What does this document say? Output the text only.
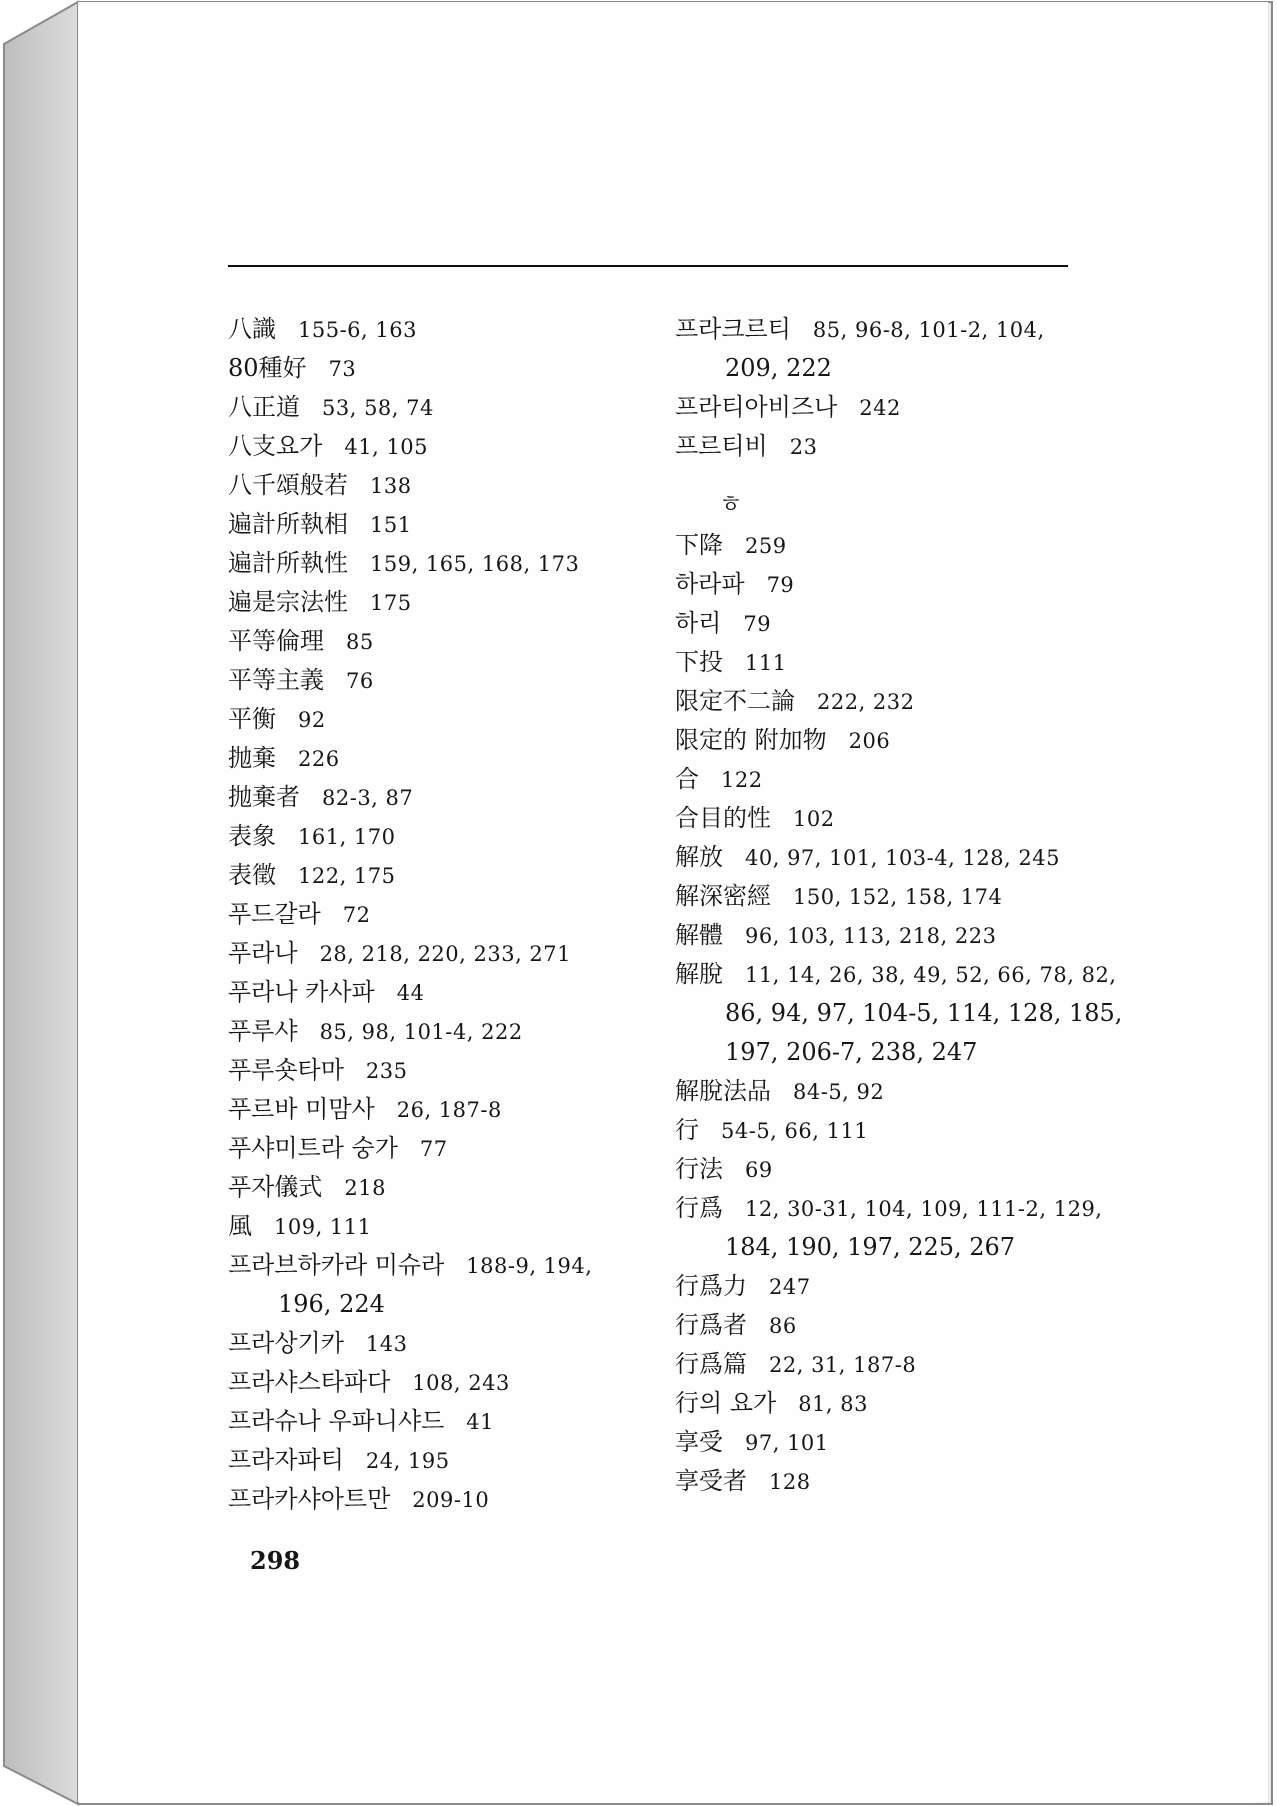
八識 155-6, 163
80種好 73
八正道 53, 58, 74
八支요가 41, 105
八千頌般若 138
遍計所執相 151
遍計所執性 159, 165, 168, 173
遍是宗法性 175
平等倫理 85
平等主義 76
平衡 92
抛棄 226
抛棄者 82-3, 87
表象 161, 170
表徵 122, 175
푸드갈라 72
푸라나 28, 218, 220, 233, 271
푸라나 카사파 44
푸루샤 85, 98, 101-4, 222
푸루숏타마 235
푸르바 미맘사 26, 187-8
푸샤미트라 숭가 77
푸자儀式 218
風 109, 111
프라브하카라 미슈라 188-9, 194,
196, 224
프라상기카 143
프라샤스타파다 108, 243
프라슈나 우파니샤드 41
프라자파티 24, 195
프라카샤아트만 209-10
프라크르티 85, 96-8, 101-2, 104,
209, 222
프라티아비즈나 242
프르티비 23
ㅎ
下降 259
하라파 79
하리 79
下投 111
限定不二論 222, 232
限定的 附加物 206
合 122
合目的性 102
解放 40, 97, 101, 103-4, 128, 245
解深密經 150, 152, 158, 174
解體 96, 103, 113, 218, 223
解脫 11, 14, 26, 38, 49, 52, 66, 78, 82,
86, 94, 97, 104-5, 114, 128, 185,
197, 206-7, 238, 247
解脫法品 84-5, 92
行 54-5, 66, 111
行法 69
行爲 12, 30-31, 104, 109, 111-2, 129,
184, 190, 197, 225, 267
行爲力 247
行爲者 86
行爲篇 22, 31, 187-8
行의 요가 81, 83
享受 97, 101
享受者 128
298
